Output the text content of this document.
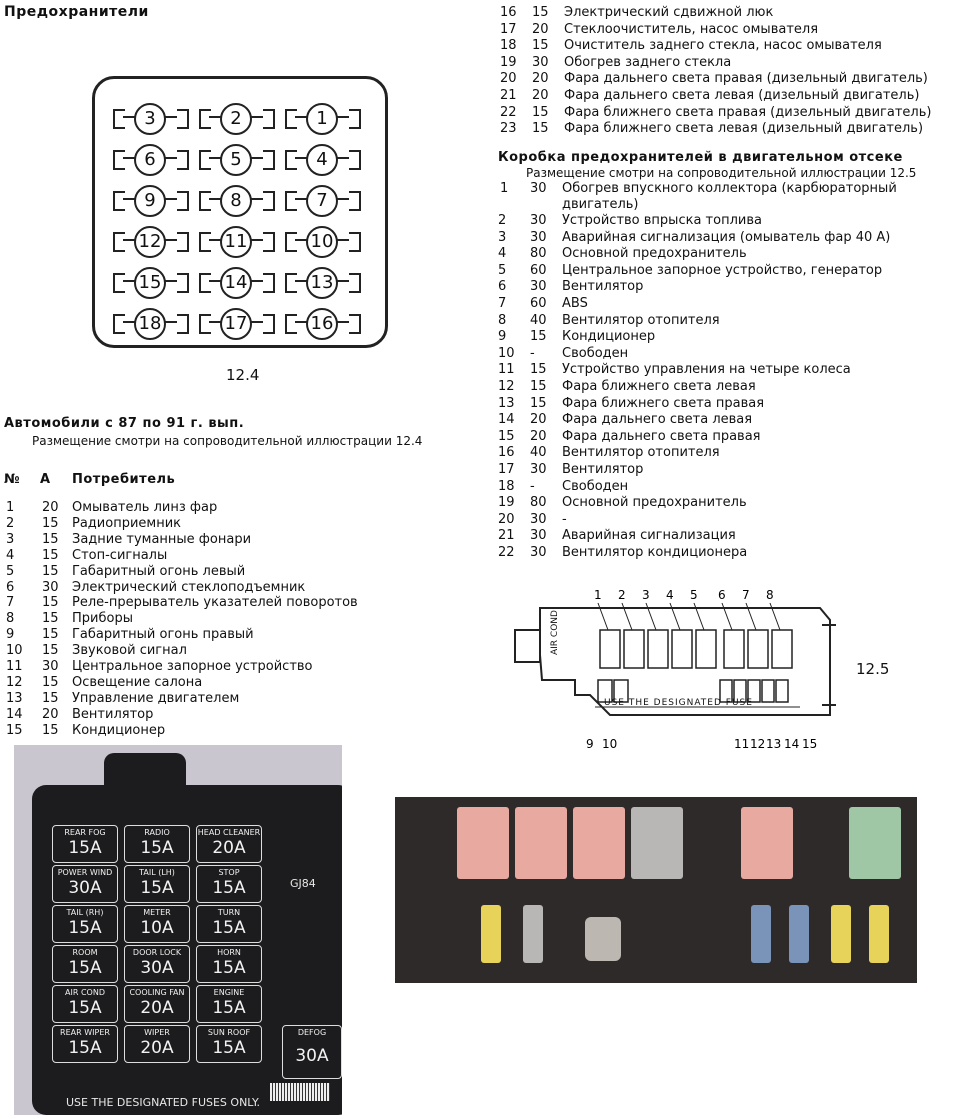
Предохранители
3	2	1
6	5	4
9	8	7
12	11	10
15	14	13
18	17	16
12.4
Автомобили с 87 по 91 г. вып.
Размещение смотри на сопроводительной иллюстрации 12.4
№ А Потребитель
1 20 Омыватель линз фар
2 15 Радиоприемник
3 15 Задние туманные фонари
4 15 Стоп-сигналы
5 15 Габаритный огонь левый
6 30 Электрический стеклоподъемник
7 15 Реле-прерыватель указателей поворотов
8 15 Приборы
9 15 Габаритный огонь правый
10 15 Звуковой сигнал
11 30 Центральное запорное устройство
12 15 Освещение салона
13 15 Управление двигателем
14 20 Вентилятор
15 15 Кондиционер
16 15 Электрический сдвижной люк
17 20 Стеклоочиститель, насос омывателя
18 15 Очиститель заднего стекла, насос омывателя
19 30 Обогрев заднего стекла
20 20 Фара дальнего света правая (дизельный двигатель)
21 20 Фара дальнего света левая (дизельный двигатель)
22 15 Фара ближнего света правая (дизельный двигатель)
23 15 Фара ближнего света левая (дизельный двигатель)
Коробка предохранителей в двигательном отсеке
Размещение смотри на сопроводительной иллюстрации 12.5
1 30 Обогрев впускного коллектора (карбюраторный
двигатель)
2 30 Устройство впрыска топлива
3 30 Аварийная сигнализация (омыватель фар 40 А)
4 80 Основной предохранитель
5 60 Центральное запорное устройство, генератор
6 30 Вентилятор
7 60 ABS
8 40 Вентилятор отопителя
9 15 Кондиционер
10 - Свободен
11 15 Устройство управления на четыре колеса
12 15 Фара ближнего света левая
13 15 Фара ближнего света правая
14 20 Фара дальнего света левая
15 20 Фара дальнего света правая
16 40 Вентилятор отопителя
17 30 Вентилятор
18 - Свободен
19 80 Основной предохранитель
20 30 -
21 30 Аварийная сигнализация
22 30 Вентилятор кондиционера
1 2 3 4 5 6 7 8
9 10	11 12 13 14 15
AIR COND
USE THE DESIGNATED FUSE
12.5
GJ84
REAR FOG
15A
RADIO
15A
HEAD CLEANER
20A
POWER WIND
30A
TAIL (LH)
15A
STOP
15A
TAIL (RH)
15A
METER
10A
TURN
15A
ROOM
15A
DOOR LOCK
30A
HORN
15A
AIR COND
15A
COOLING FAN
20A
ENGINE
15A
REAR WIPER
15A
WIPER
20A
SUN ROOF
15A
DEFOG
30A
USE THE DESIGNATED FUSES ONLY.
